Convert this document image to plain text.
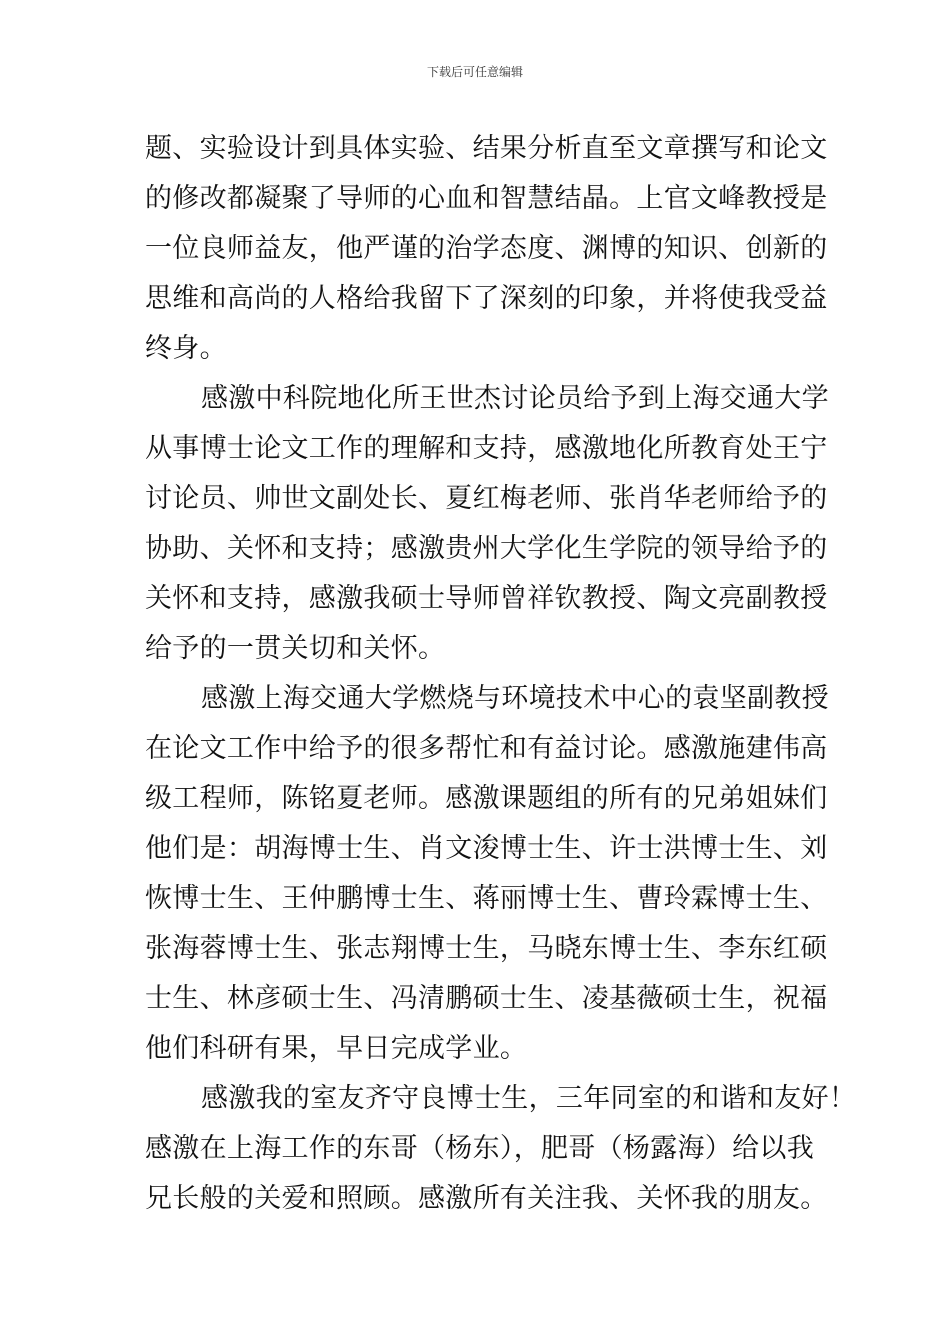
下载后可任意编辑

题、实验设计到具体实验、结果分析直至文章撰写和论文
的修改都凝聚了导师的心血和智慧结晶。上官文峰教授是
一位良师益友，他严谨的治学态度、渊博的知识、创新的
思维和高尚的人格给我留下了深刻的印象，并将使我受益
终身。

感激中科院地化所王世杰讨论员给予到上海交通大学
从事博士论文工作的理解和支持，感激地化所教育处王宁
讨论员、帅世文副处长、夏红梅老师、张肖华老师给予的
协助、关怀和支持；感激贵州大学化生学院的领导给予的
关怀和支持，感激我硕士导师曾祥钦教授、陶文亮副教授
给予的一贯关切和关怀。

感激上海交通大学燃烧与环境技术中心的袁坚副教授
在论文工作中给予的很多帮忙和有益讨论。感激施建伟高
级工程师，陈铭夏老师。感激课题组的所有的兄弟姐妹们
他们是：胡海博士生、肖文浚博士生、许士洪博士生、刘
恢博士生、王仲鹏博士生、蒋丽博士生、曹玲霖博士生、
张海蓉博士生、张志翔博士生，马晓东博士生、李东红硕
士生、林彦硕士生、冯清鹏硕士生、凌基薇硕士生，祝福
他们科研有果，早日完成学业。

感激我的室友齐守良博士生，三年同室的和谐和友好！
感激在上海工作的东哥（杨东），肥哥（杨露海）给以我
兄长般的关爱和照顾。感激所有关注我、关怀我的朋友。
